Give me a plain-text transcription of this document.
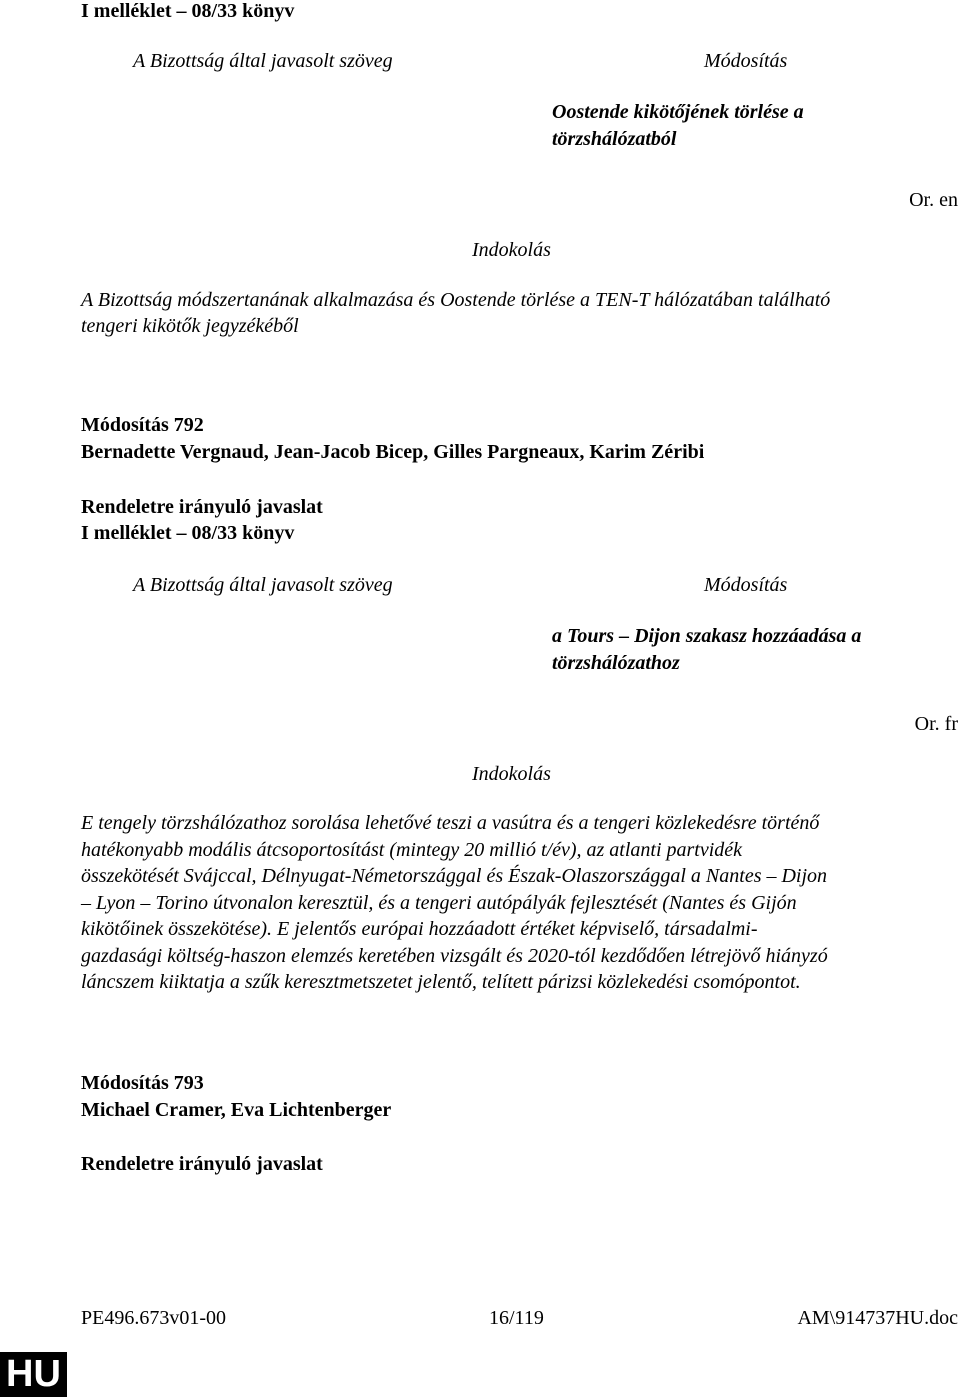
I melléklet – 08/33 könyv
A Bizottság által javasolt szöveg	Módosítás
Oostende kikötőjének törlése a
törzshálózatból
Or. en
Indokolás
A Bizottság módszertanának alkalmazása és Oostende törlése a TEN-T hálózatában található
tengeri kikötők jegyzékéből
Módosítás 792
Bernadette Vergnaud, Jean-Jacob Bicep, Gilles Pargneaux, Karim Zéribi
Rendeletre irányuló javaslat
I melléklet – 08/33 könyv
A Bizottság által javasolt szöveg	Módosítás
a Tours – Dijon szakasz hozzáadása a
törzshálózathoz
Or. fr
Indokolás
E tengely törzshálózathoz sorolása lehetővé teszi a vasútra és a tengeri közlekedésre történő
hatékonyabb modális átcsoportosítást (mintegy 20 millió t/év), az atlanti partvidék
összekötését Svájccal, Délnyugat-Németországgal és Észak-Olaszországgal a Nantes – Dijon
– Lyon – Torino útvonalon keresztül, és a tengeri autópályák fejlesztését (Nantes és Gijón
kikötőinek összekötése). E jelentős európai hozzáadott értéket képviselő, társadalmi-
gazdasági költség-haszon elemzés keretében vizsgált és 2020-tól kezdődően létrejövő hiányzó
láncszem kiiktatja a szűk keresztmetszetet jelentő, telített párizsi közlekedési csomópontot.
Módosítás 793
Michael Cramer, Eva Lichtenberger
Rendeletre irányuló javaslat
PE496.673v01-00	16/119	AM\914737HU.doc
HU
